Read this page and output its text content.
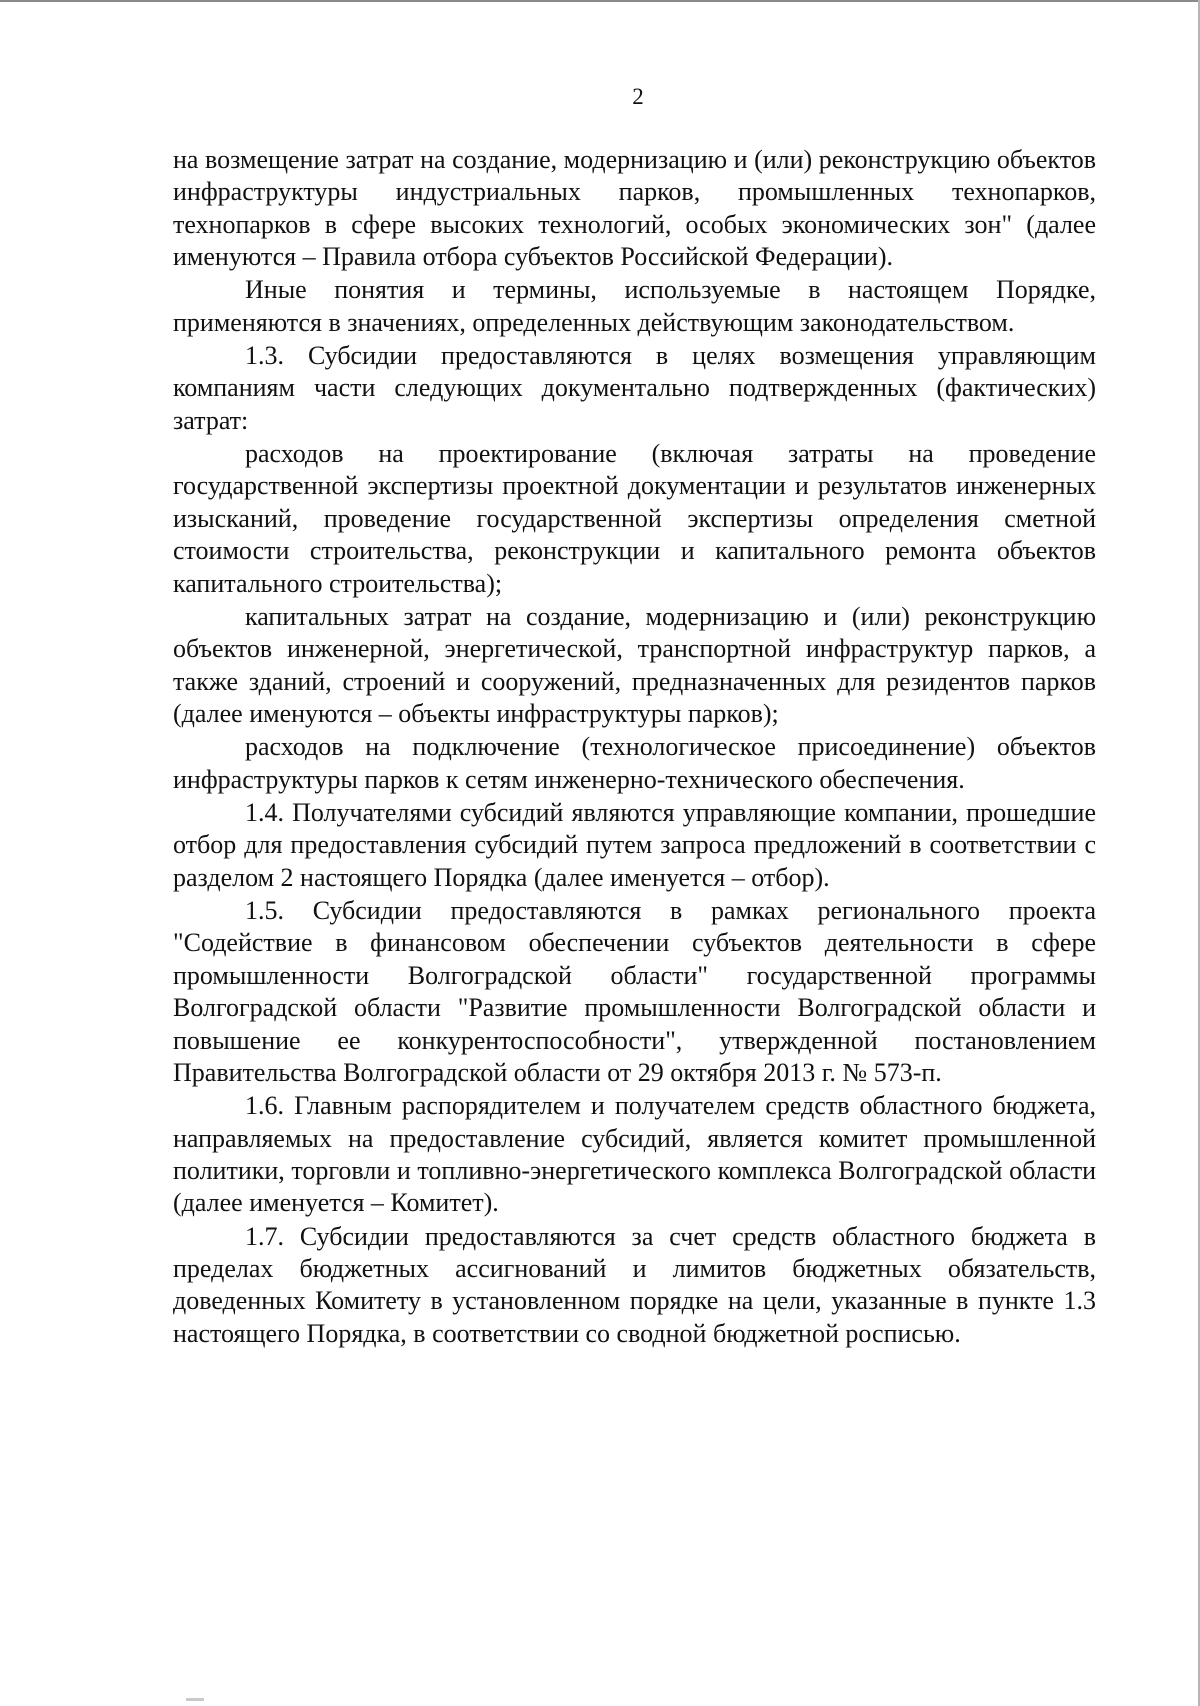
2

на возмещение затрат на создание, модернизацию и (или) реконструкцию объектов инфраструктуры индустриальных парков, промышленных технопарков, технопарков в сфере высоких технологий, особых экономических зон" (далее именуются – Правила отбора субъектов Российской Федерации).

Иные понятия и термины, используемые в настоящем Порядке, применяются в значениях, определенных действующим законодательством.

1.3. Субсидии предоставляются в целях возмещения управляющим компаниям части следующих документально подтвержденных (фактических) затрат:

расходов на проектирование (включая затраты на проведение государственной экспертизы проектной документации и результатов инженерных изысканий, проведение государственной экспертизы определения сметной стоимости строительства, реконструкции и капитального ремонта объектов капитального строительства);

капитальных затрат на создание, модернизацию и (или) реконструкцию объектов инженерной, энергетической, транспортной инфраструктур парков, а также зданий, строений и сооружений, предназначенных для резидентов парков (далее именуются – объекты инфраструктуры парков);

расходов на подключение (технологическое присоединение) объектов инфраструктуры парков к сетям инженерно-технического обеспечения.

1.4. Получателями субсидий являются управляющие компании, прошедшие отбор для предоставления субсидий путем запроса предложений в соответствии с разделом 2 настоящего Порядка (далее именуется – отбор).

1.5. Субсидии предоставляются в рамках регионального проекта "Содействие в финансовом обеспечении субъектов деятельности в сфере промышленности Волгоградской области" государственной программы Волгоградской области "Развитие промышленности Волгоградской области и повышение ее конкурентоспособности", утвержденной постановлением Правительства Волгоградской области от 29 октября 2013 г. № 573-п.

1.6. Главным распорядителем и получателем средств областного бюджета, направляемых на предоставление субсидий, является комитет промышленной политики, торговли и топливно-энергетического комплекса Волгоградской области (далее именуется – Комитет).

1.7. Субсидии предоставляются за счет средств областного бюджета в пределах бюджетных ассигнований и лимитов бюджетных обязательств, доведенных Комитету в установленном порядке на цели, указанные в пункте 1.3 настоящего Порядка, в соответствии со сводной бюджетной росписью.
